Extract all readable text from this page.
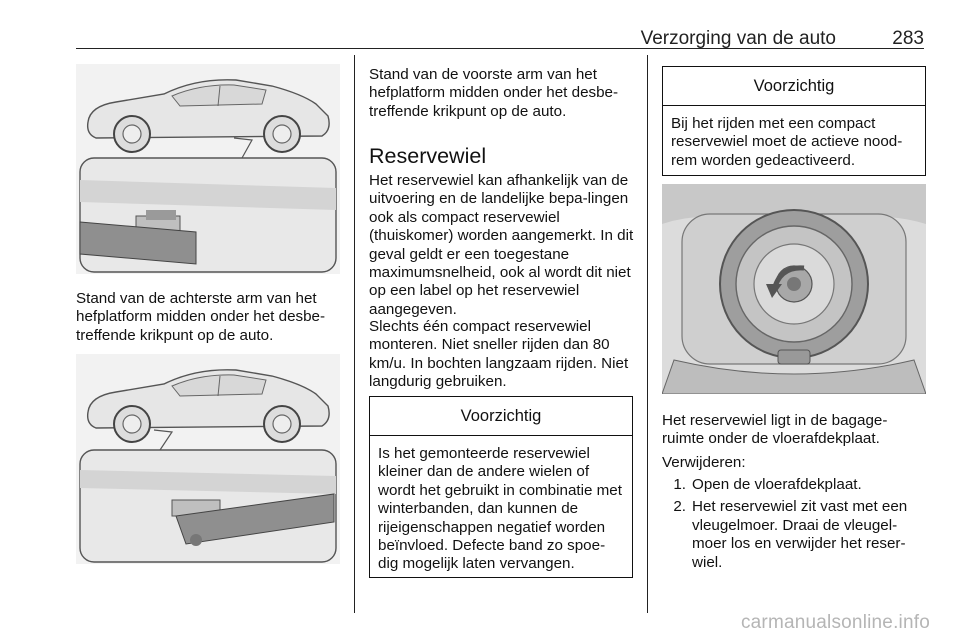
Verzorging van de auto	283

Stand van de achterste arm van het hefplatform midden onder het desbe-treffende krikpunt op de auto.

Stand van de voorste arm van het hefplatform midden onder het desbe-treffende krikpunt op de auto.

Reservewiel

Het reservewiel kan afhankelijk van de uitvoering en de landelijke bepa-lingen ook als compact reservewiel (thuiskomer) worden aangemerkt. In dit geval geldt er een toegestane maximumsnelheid, ook al wordt dit niet op een label op het reservewiel aangegeven.

Slechts één compact reservewiel monteren. Niet sneller rijden dan 80 km/u. In bochten langzaam rijden. Niet langdurig gebruiken.

Voorzichtig
Is het gemonteerde reservewiel kleiner dan de andere wielen of wordt het gebruikt in combinatie met winterbanden, dan kunnen de rijeigenschappen negatief worden beïnvloed. Defecte band zo spoe-dig mogelijk laten vervangen.
Voorzichtig
Bij het rijden met een compact reservewiel moet de actieve nood-rem worden gedeactiveerd.

Het reservewiel ligt in de bagage-ruimte onder de vloerafdekplaat.

Verwijderen:

1. Open de vloerafdekplaat.
2. Het reservewiel zit vast met een vleugelmoer. Draai de vleugel-moer los en verwijder het reser-wiel.
carmanualsonline.info
